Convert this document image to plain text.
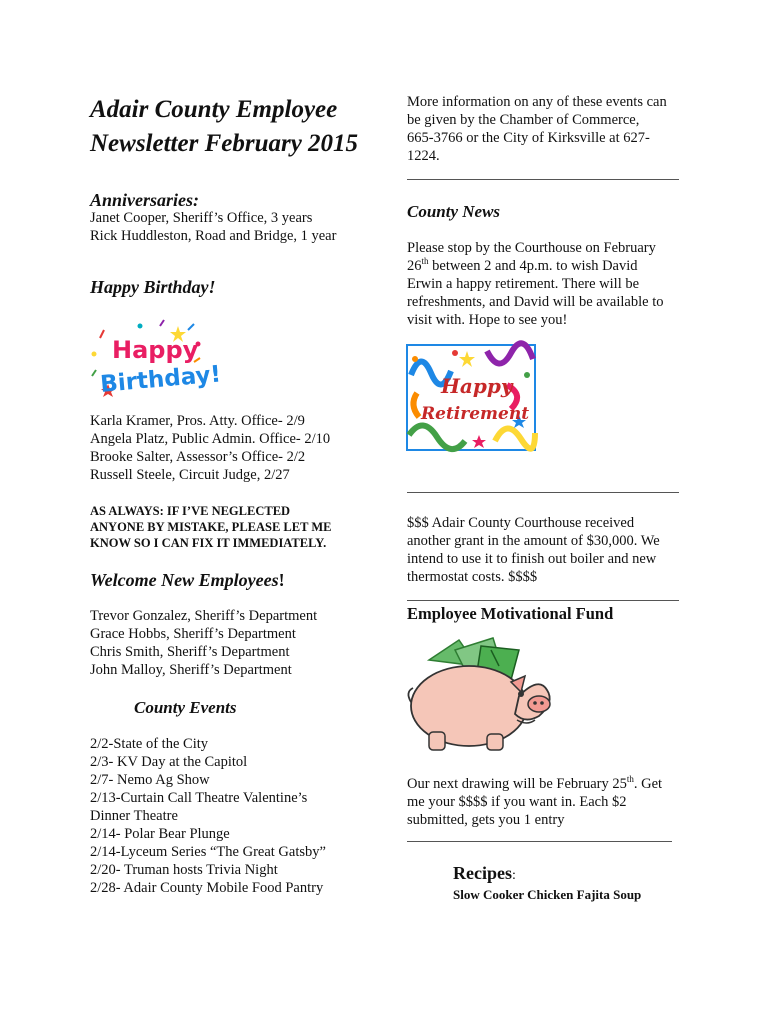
Adair County Employee
Newsletter February 2015
Anniversaries:
Janet Cooper, Sheriff’s Office, 3 years
Rick Huddleston, Road and Bridge, 1 year
Happy Birthday!
Happy
Birthday!
Karla Kramer, Pros. Atty. Office- 2/9
Angela Platz, Public Admin. Office- 2/10
Brooke Salter, Assessor’s Office- 2/2
Russell Steele, Circuit Judge, 2/27
AS ALWAYS: IF I’VE NEGLECTED
ANYONE BY MISTAKE, PLEASE LET ME
KNOW SO I CAN FIX IT IMMEDIATELY.
Welcome New Employees!
Trevor Gonzalez, Sheriff’s Department
Grace Hobbs, Sheriff’s Department
Chris Smith, Sheriff’s Department
John Malloy, Sheriff’s Department
County Events
2/2-State of the City
2/3- KV Day at the Capitol
2/7- Nemo Ag Show
2/13-Curtain Call Theatre Valentine’s
Dinner Theatre
2/14- Polar Bear Plunge
2/14-Lyceum Series “The Great Gatsby”
2/20- Truman hosts Trivia Night
2/28- Adair County Mobile Food Pantry
More information on any of these events can
be given by the Chamber of Commerce,
665-3766 or the City of Kirksville at 627-
1224.
County News
Please stop by the Courthouse on February
26th between 2 and 4p.m. to wish David
Erwin a happy retirement. There will be
refreshments, and David will be available to
visit with. Hope to see you!
Happy
Retirement
$$$ Adair County Courthouse received
another grant in the amount of $30,000. We
intend to use it to finish out boiler and new
thermostat costs. $$$$
Employee Motivational Fund
Our next drawing will be February 25th. Get
me your $$$$ if you want in. Each $2
submitted, gets you 1 entry
Recipes:
Slow Cooker Chicken Fajita Soup
